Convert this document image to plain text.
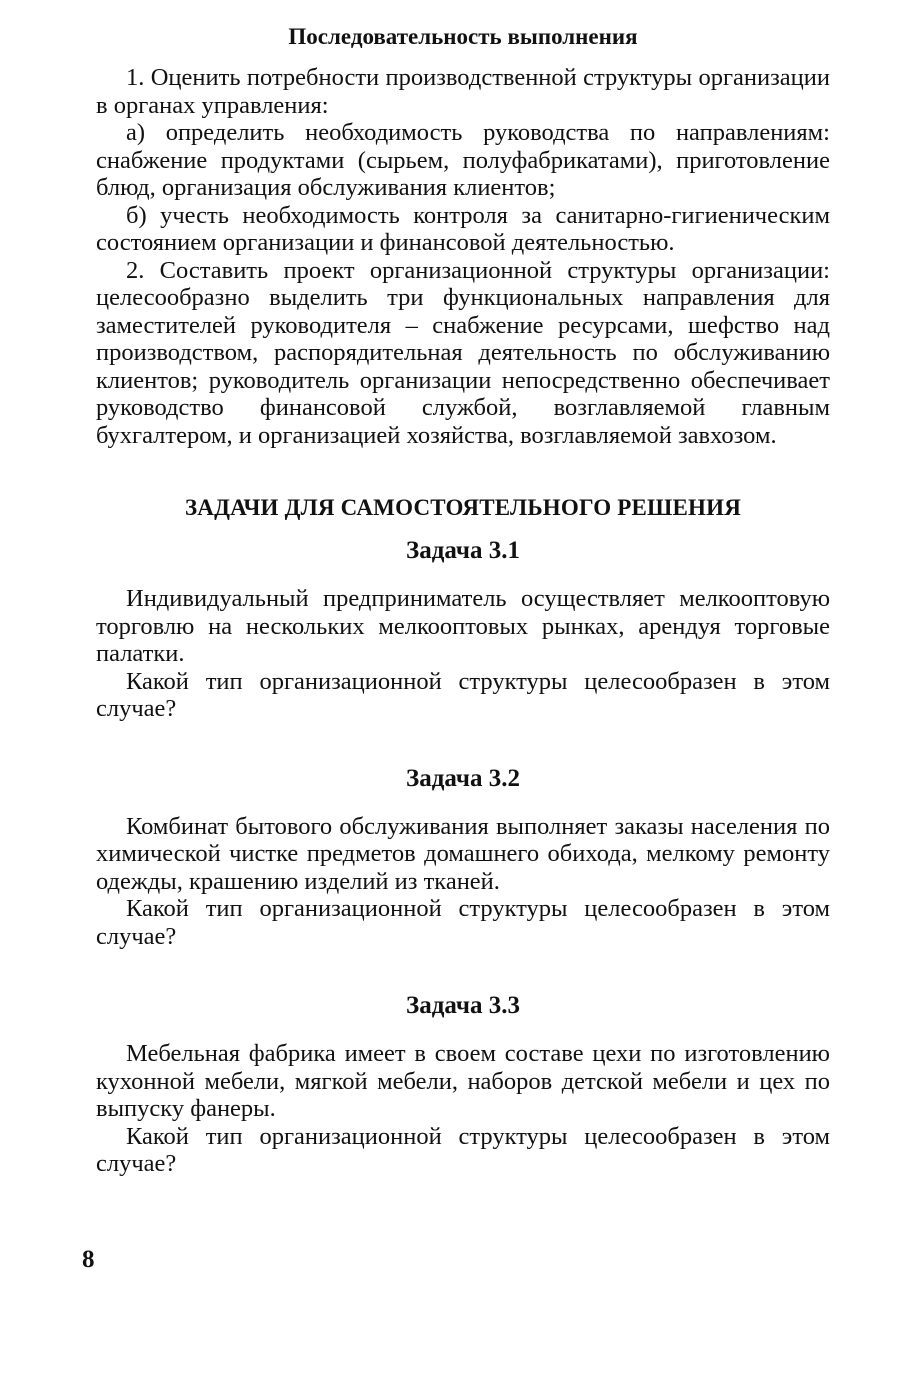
Последовательность выполнения

1. Оценить потребности производственной структуры организации в органах управления:

а) определить необходимость руководства по направлениям: снабжение продуктами (сырьем, полуфабрикатами), приготовление блюд, организация обслуживания клиентов;

б) учесть необходимость контроля за санитарно-гигиеническим состоянием организации и финансовой деятельностью.

2. Составить проект организационной структуры организации: целесообразно выделить три функциональных направления для заместителей руководителя – снабжение ресурсами, шефство над производством, распорядительная деятельность по обслуживанию клиентов; руководитель организации непосредственно обеспечивает руководство финансовой службой, возглавляемой главным бухгалтером, и организацией хозяйства, возглавляемой завхозом.

ЗАДАЧИ ДЛЯ САМОСТОЯТЕЛЬНОГО РЕШЕНИЯ
Задача 3.1

Индивидуальный предприниматель осуществляет мелкооптовую торговлю на нескольких мелкооптовых рынках, арендуя торговые палатки.

Какой тип организационной структуры целесообразен в этом случае?

Задача 3.2

Комбинат бытового обслуживания выполняет заказы населения по химической чистке предметов домашнего обихода, мелкому ремонту одежды, крашению изделий из тканей.

Какой тип организационной структуры целесообразен в этом случае?

Задача 3.3

Мебельная фабрика имеет в своем составе цехи по изготовлению кухонной мебели, мягкой мебели, наборов детской мебели и цех по выпуску фанеры.

Какой тип организационной структуры целесообразен в этом случае?

8
